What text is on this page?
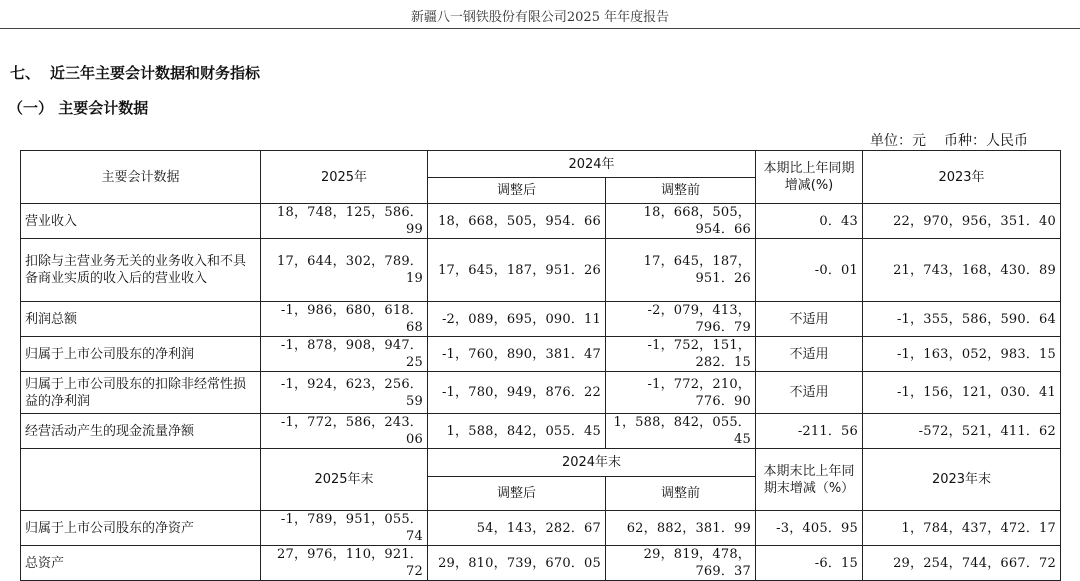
新疆八一钢铁股份有限公司2025 年年度报告
七、 近三年主要会计数据和财务指标
（一） 主要会计数据
单位：元 币种：人民币
主要会计数据	2025年	2024年		本期比上年同期增减(%)	2023年
		调整后	调整前		
营业收入	18，748，125，586．99	18，668，505，954．66	18，668，505，954．66	0．43	22，970，956，351．40
扣除与主营业务无关的业务收入和不具备商业实质的收入后的营业收入	17，644，302，789．19	17，645，187，951．26	17，645，187，951．26	-0．01	21，743，168，430．89
利润总额	-1，986，680，618．68	-2，089，695，090．11	-2，079，413，796．79	不适用	-1，355，586，590．64
归属于上市公司股东的净利润	-1，878，908，947．25	-1，760，890，381．47	-1，752，151，282．15	不适用	-1，163，052，983．15
归属于上市公司股东的扣除非经常性损益的净利润	-1，924，623，256．59	-1，780，949，876．22	-1，772，210，776．90	不适用	-1，156，121，030．41
经营活动产生的现金流量净额	-1，772，586，243．06	1，588，842，055．45	1，588，842，055．45	-211．56	-572，521，411．62
	2025年末	2024年末		本期末比上年同期末增减（%）	2023年末
		调整后	调整前		
归属于上市公司股东的净资产	-1，789，951，055．74	54，143，282．67	62，882，381．99	-3，405．95	1，784，437，472．17
总资产	27，976，110，921．72	29，810，739，670．05	29，819，478，769．37	-6．15	29，254，744，667．72
